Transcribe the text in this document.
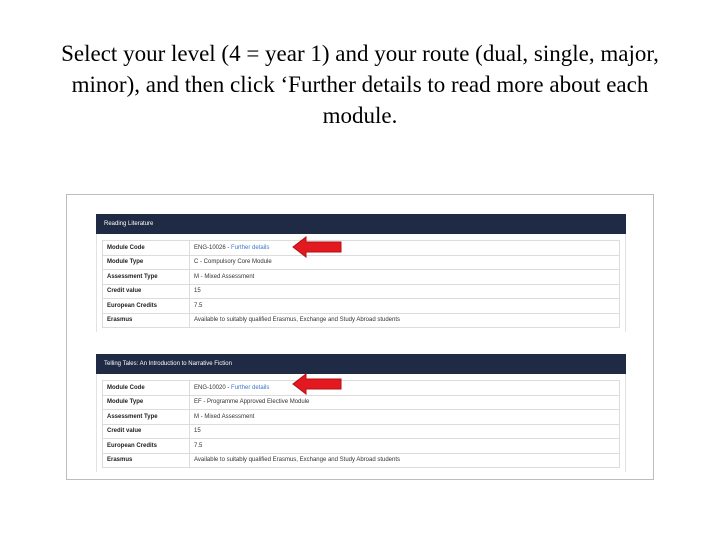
Select your level (4 = year 1) and your route (dual, single, major,
minor), and then click ‘Further details to read more about each
module.
Reading Literature
Module Code	ENG-10026 - Further details
Module Type	C - Compulsory Core Module
Assessment Type	M - Mixed Assessment
Credit value	15
European Credits	7.5
Erasmus	Available to suitably qualified Erasmus, Exchange and Study Abroad students
Telling Tales: An Introduction to Narrative Fiction
Module Code	ENG-10020 - Further details
Module Type	EF - Programme Approved Elective Module
Assessment Type	M - Mixed Assessment
Credit value	15
European Credits	7.5
Erasmus	Available to suitably qualified Erasmus, Exchange and Study Abroad students
